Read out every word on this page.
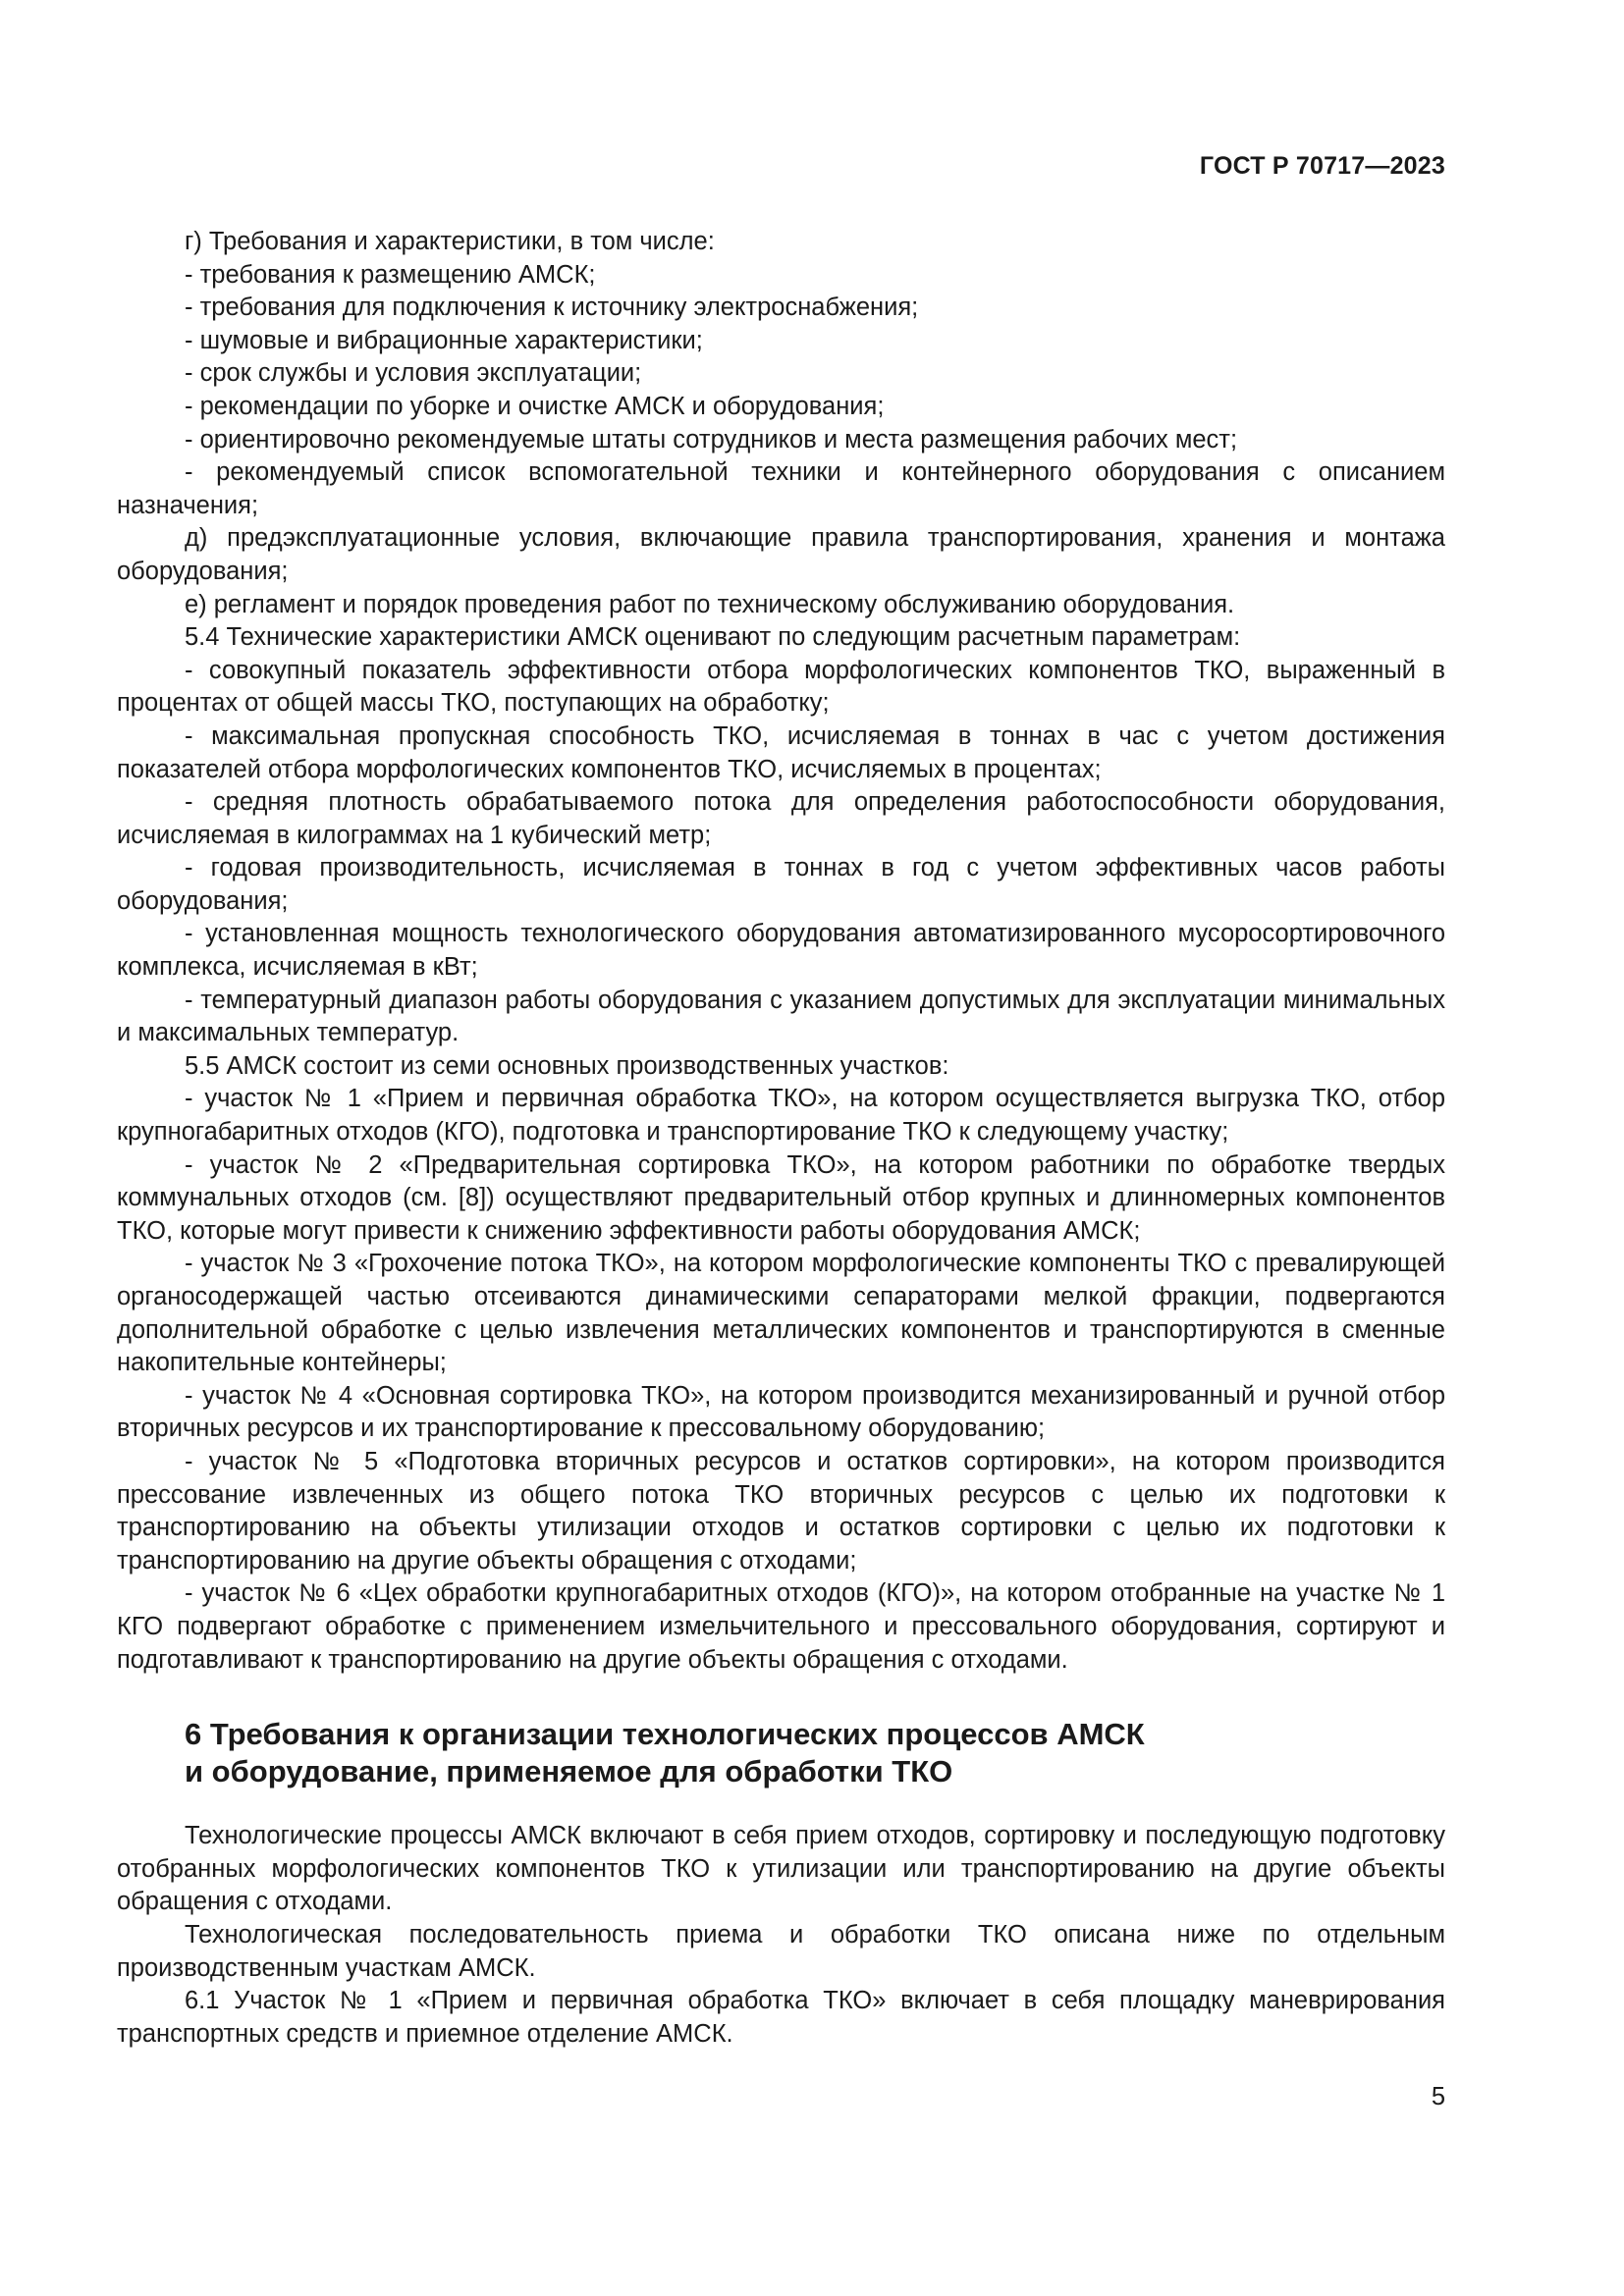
ГОСТ Р 70717—2023

г) Требования и характеристики, в том числе:

- требования к размещению АМСК;

- требования для подключения к источнику электроснабжения;

- шумовые и вибрационные характеристики;

- срок службы и условия эксплуатации;

- рекомендации по уборке и очистке АМСК и оборудования;

- ориентировочно рекомендуемые штаты сотрудников и места размещения рабочих мест;

- рекомендуемый список вспомогательной техники и контейнерного оборудования с описанием назначения;

д) предэксплуатационные условия, включающие правила транспортирования, хранения и монтажа оборудования;

е) регламент и порядок проведения работ по техническому обслуживанию оборудования.

5.4 Технические характеристики АМСК оценивают по следующим расчетным параметрам:

- совокупный показатель эффективности отбора морфологических компонентов ТКО, выраженный в процентах от общей массы ТКО, поступающих на обработку;

- максимальная пропускная способность ТКО, исчисляемая в тоннах в час с учетом достижения показателей отбора морфологических компонентов ТКО, исчисляемых в процентах;

- средняя плотность обрабатываемого потока для определения работоспособности оборудования, исчисляемая в килограммах на 1 кубический метр;

- годовая производительность, исчисляемая в тоннах в год с учетом эффективных часов работы оборудования;

- установленная мощность технологического оборудования автоматизированного мусоросортировочного комплекса, исчисляемая в кВт;

- температурный диапазон работы оборудования с указанием допустимых для эксплуатации минимальных и максимальных температур.

5.5 АМСК состоит из семи основных производственных участков:

- участок № 1 «Прием и первичная обработка ТКО», на котором осуществляется выгрузка ТКО, отбор крупногабаритных отходов (КГО), подготовка и транспортирование ТКО к следующему участку;

- участок № 2 «Предварительная сортировка ТКО», на котором работники по обработке твердых коммунальных отходов (см. [8]) осуществляют предварительный отбор крупных и длинномерных компонентов ТКО, которые могут привести к снижению эффективности работы оборудования АМСК;

- участок № 3 «Грохочение потока ТКО», на котором морфологические компоненты ТКО с превалирующей органосодержащей частью отсеиваются динамическими сепараторами мелкой фракции, подвергаются дополнительной обработке с целью извлечения металлических компонентов и транспортируются в сменные накопительные контейнеры;

- участок № 4 «Основная сортировка ТКО», на котором производится механизированный и ручной отбор вторичных ресурсов и их транспортирование к прессовальному оборудованию;

- участок № 5 «Подготовка вторичных ресурсов и остатков сортировки», на котором производится прессование извлеченных из общего потока ТКО вторичных ресурсов с целью их подготовки к транспортированию на объекты утилизации отходов и остатков сортировки с целью их подготовки к транспортированию на другие объекты обращения с отходами;

- участок № 6 «Цех обработки крупногабаритных отходов (КГО)», на котором отобранные на участке № 1 КГО подвергают обработке с применением измельчительного и прессовального оборудования, сортируют и подготавливают к транспортированию на другие объекты обращения с отходами.

6 Требования к организации технологических процессов АМСК
и оборудование, применяемое для обработки ТКО

Технологические процессы АМСК включают в себя прием отходов, сортировку и последующую подготовку отобранных морфологических компонентов ТКО к утилизации или транспортированию на другие объекты обращения с отходами.

Технологическая последовательность приема и обработки ТКО описана ниже по отдельным производственным участкам АМСК.

6.1 Участок № 1 «Прием и первичная обработка ТКО» включает в себя площадку маневрирования транспортных средств и приемное отделение АМСК.

5
